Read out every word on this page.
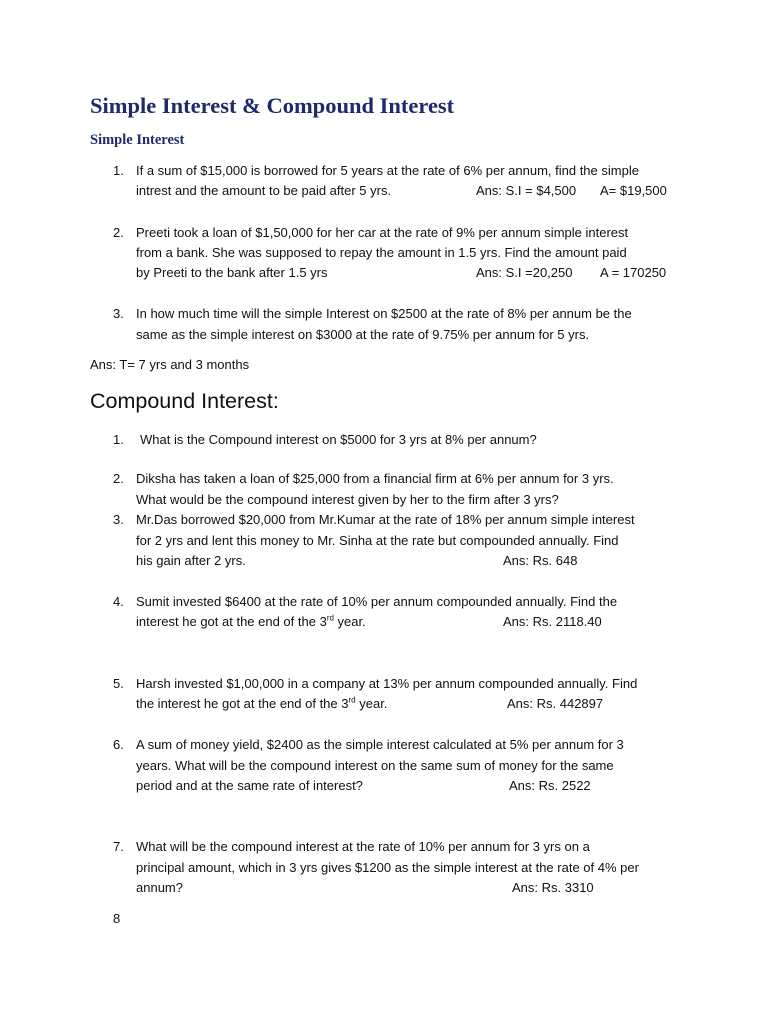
Simple Interest & Compound Interest
Simple Interest
1. If a sum of $15,000 is borrowed for 5 years at the rate of 6% per annum, find the simple
intrest and the amount to be paid after 5 yrs.	Ans: S.I = $4,500 A= $19,500
2. Preeti took a loan of $1,50,000 for her car at the rate of 9% per annum simple interest
from a bank. She was supposed to repay the amount in 1.5 yrs. Find the amount paid
by Preeti to the bank after 1.5 yrs	Ans: S.I =20,250 A = 170250
3. In how much time will the simple Interest on $2500 at the rate of 8% per annum be the
same as the simple interest on $3000 at the rate of 9.75% per annum for 5 yrs.
Ans: T= 7 yrs and 3 months
Compound Interest:
1. What is the Compound interest on $5000 for 3 yrs at 8% per annum?
2. Diksha has taken a loan of $25,000 from a financial firm at 6% per annum for 3 yrs.
What would be the compound interest given by her to the firm after 3 yrs?
3. Mr.Das borrowed $20,000 from Mr.Kumar at the rate of 18% per annum simple interest
for 2 yrs and lent this money to Mr. Sinha at the rate but compounded annually. Find
his gain after 2 yrs.	Ans: Rs. 648
4. Sumit invested $6400 at the rate of 10% per annum compounded annually. Find the
interest he got at the end of the 3rd year.	Ans: Rs. 2118.40
5. Harsh invested $1,00,000 in a company at 13% per annum compounded annually. Find
the interest he got at the end of the 3rd year.	Ans: Rs. 442897
6. A sum of money yield, $2400 as the simple interest calculated at 5% per annum for 3
years. What will be the compound interest on the same sum of money for the same
period and at the same rate of interest?	Ans: Rs. 2522
7. What will be the compound interest at the rate of 10% per annum for 3 yrs on a
principal amount, which in 3 yrs gives $1200 as the simple interest at the rate of 4% per
annum?	Ans: Rs. 3310
8
